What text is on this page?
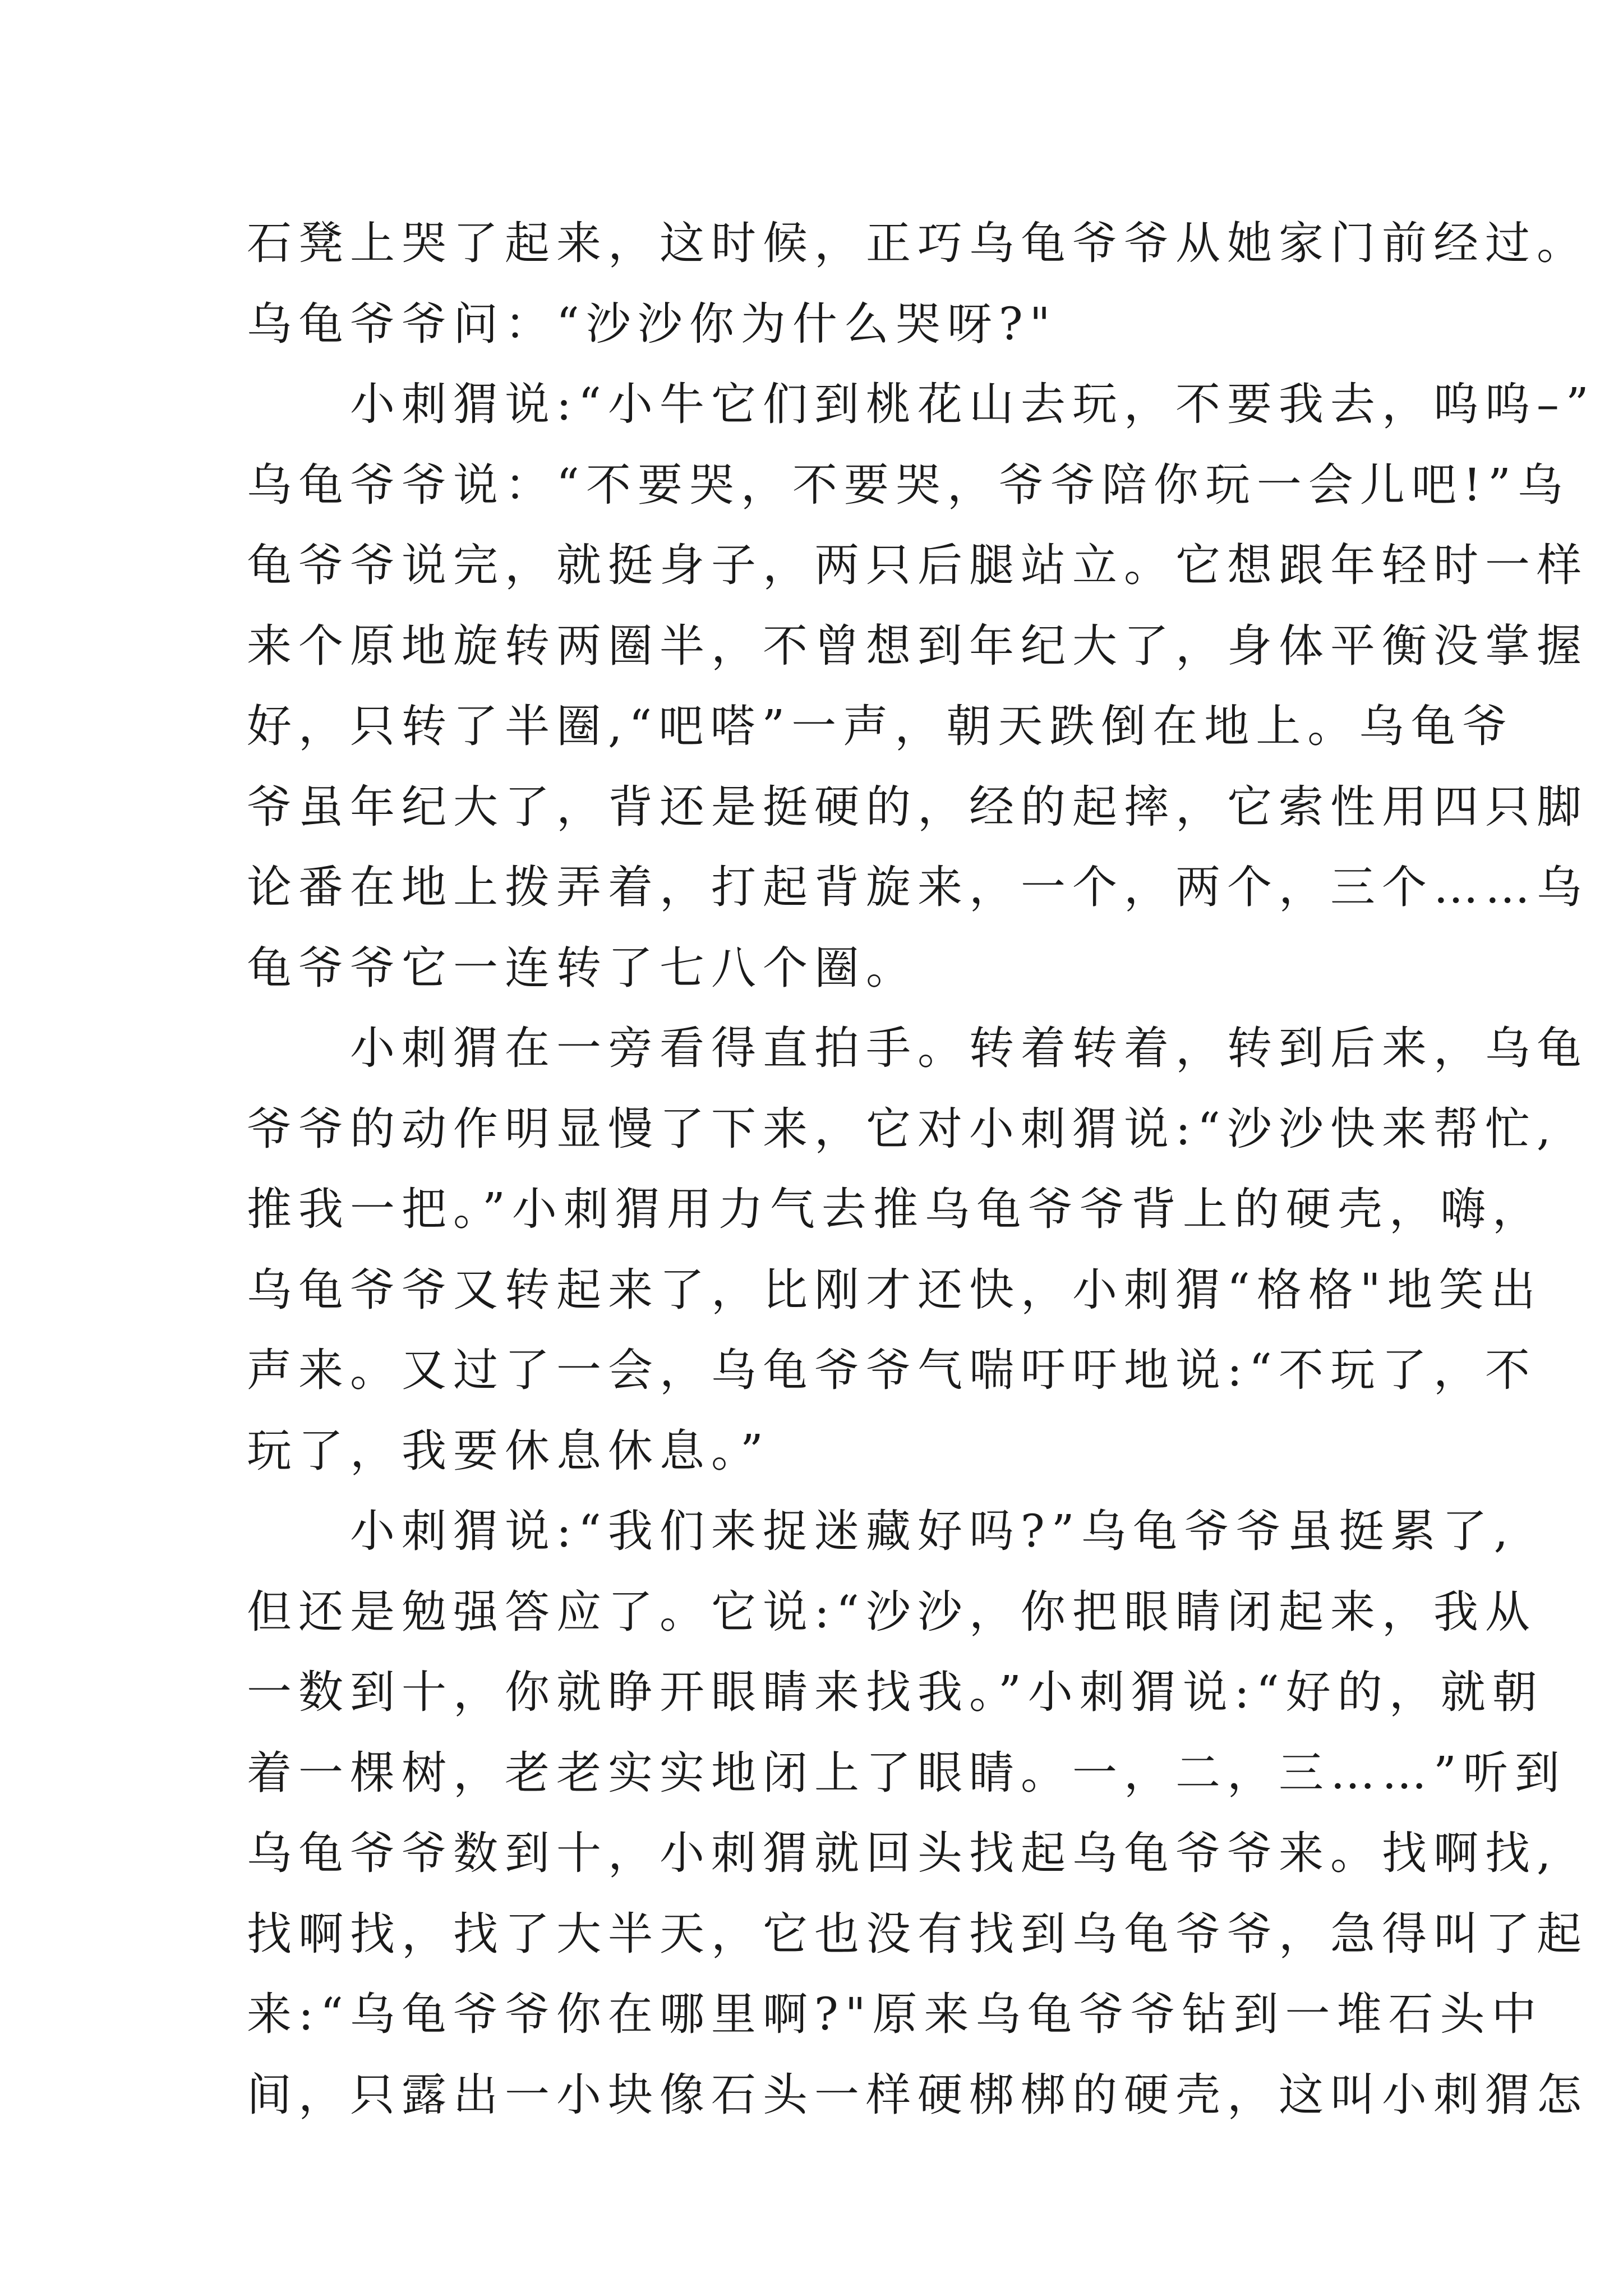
石凳上哭了起来，这时候，正巧乌龟爷爷从她家门前经过。
乌龟爷爷问：“沙沙你为什么哭呀?"
　　小刺猬说:“小牛它们到桃花山去玩，不要我去，呜呜–”
乌龟爷爷说：“不要哭，不要哭，爷爷陪你玩一会儿吧!”乌
龟爷爷说完，就挺身子，两只后腿站立。它想跟年轻时一样
来个原地旋转两圈半，不曾想到年纪大了，身体平衡没掌握
好，只转了半圈,“吧嗒”一声，朝天跌倒在地上。乌龟爷
爷虽年纪大了，背还是挺硬的，经的起摔，它索性用四只脚
论番在地上拨弄着，打起背旋来，一个，两个，三个……乌
龟爷爷它一连转了七八个圈。
　　小刺猬在一旁看得直拍手。转着转着，转到后来，乌龟
爷爷的动作明显慢了下来，它对小刺猬说:“沙沙快来帮忙,
推我一把。”小刺猬用力气去推乌龟爷爷背上的硬壳，嗨，
乌龟爷爷又转起来了，比刚才还快，小刺猬“格格"地笑出
声来。又过了一会，乌龟爷爷气喘吁吁地说:“不玩了，不
玩了，我要休息休息。”
　　小刺猬说:“我们来捉迷藏好吗?”乌龟爷爷虽挺累了,
但还是勉强答应了。它说:“沙沙，你把眼睛闭起来，我从
一数到十，你就睁开眼睛来找我。”小刺猬说:“好的，就朝
着一棵树，老老实实地闭上了眼睛。一，二，三……”听到
乌龟爷爷数到十，小刺猬就回头找起乌龟爷爷来。找啊找,
找啊找，找了大半天，它也没有找到乌龟爷爷，急得叫了起
来:“乌龟爷爷你在哪里啊?"原来乌龟爷爷钻到一堆石头中
间，只露出一小块像石头一样硬梆梆的硬壳，这叫小刺猬怎
